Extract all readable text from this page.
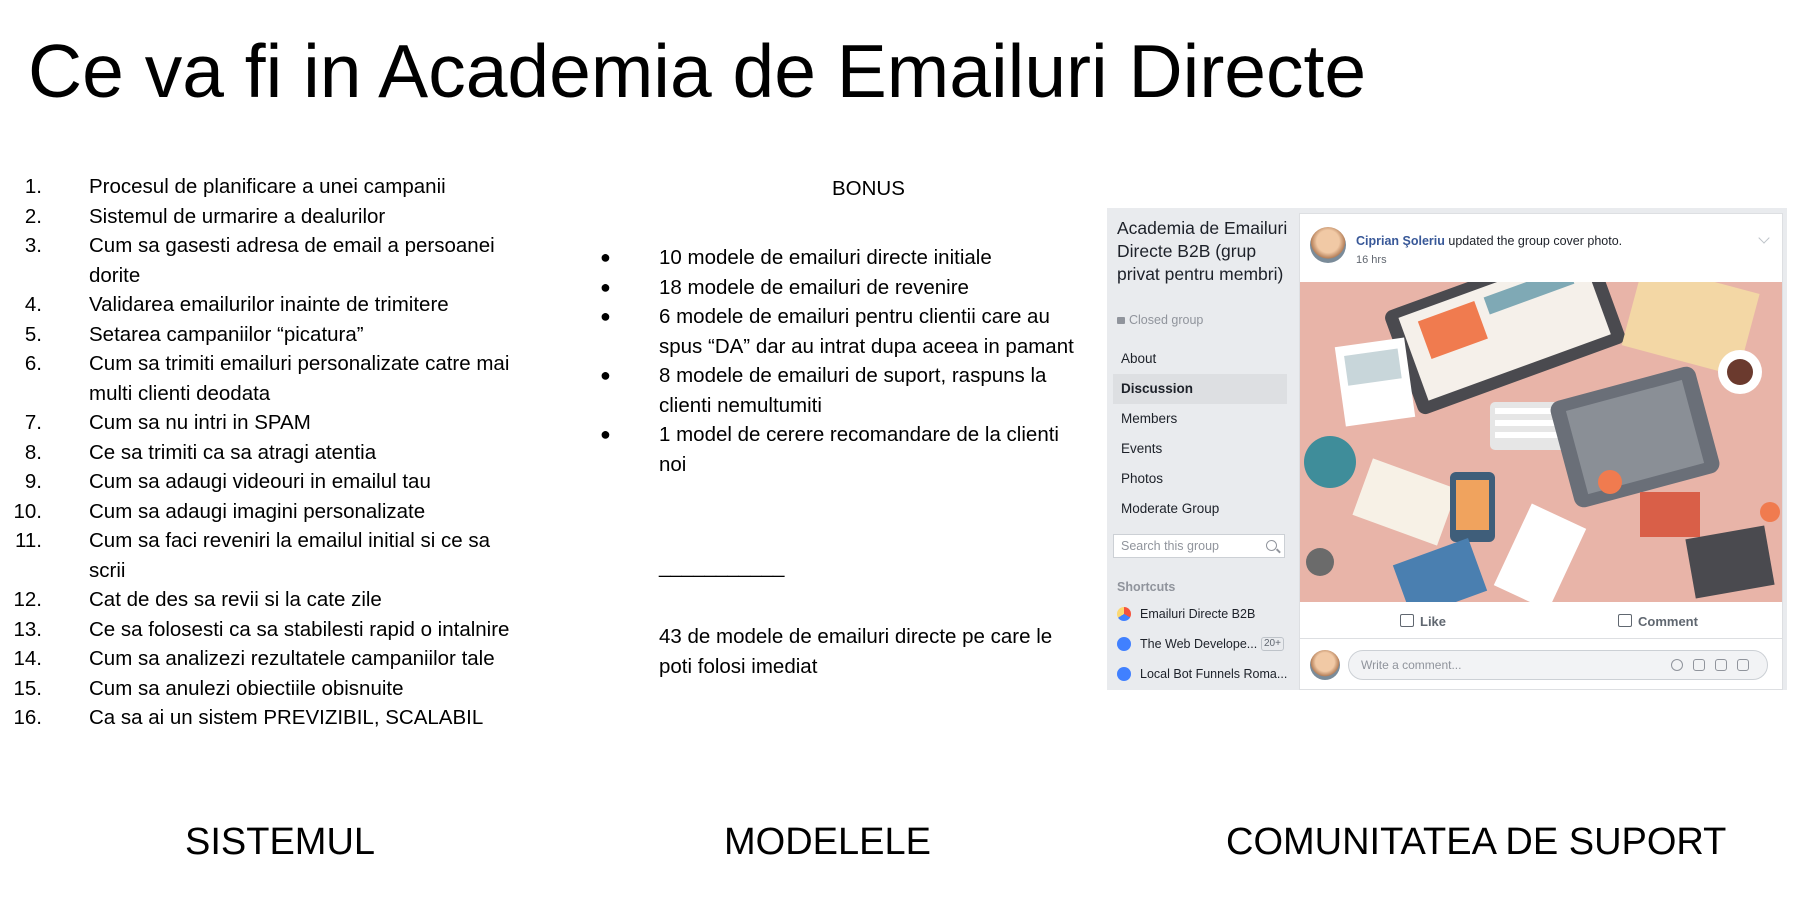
Ce va fi in Academia de Emailuri Directe
1. Procesul de planificare a unei campanii
2. Sistemul de urmarire a dealurilor
3. Cum sa gasesti adresa de email a persoanei dorite
4. Validarea emailurilor inainte de trimitere
5. Setarea campaniilor “picatura”
6. Cum sa trimiti emailuri personalizate catre mai multi clienti deodata
7. Cum sa nu intri in SPAM
8. Ce sa trimiti ca sa atragi atentia
9. Cum sa adaugi videouri in emailul tau
10. Cum sa adaugi imagini personalizate
11. Cum sa faci reveniri la emailul initial si ce sa scrii
12. Cat de des sa revii si la cate zile
13. Ce sa folosesti ca sa stabilesti rapid o intalnire
14. Cum sa analizezi rezultatele campaniilor tale
15. Cum sa anulezi obiectiile obisnuite
16. Ca sa ai un sistem PREVIZIBIL, SCALABIL
BONUS
● 10 modele de emailuri directe initiale
● 18 modele de emailuri de revenire
● 6 modele de emailuri pentru clientii care au spus “DA” dar au intrat dupa aceea in pamant
● 8 modele de emailuri de suport, raspuns la clienti nemultumiti
● 1 model de cerere recomandare de la clienti noi
___________
43 de modele de emailuri directe pe care le poti folosi imediat
Academia de Emailuri Directe B2B (grup privat pentru membri)
Closed group
About
Discussion
Members
Events
Photos
Moderate Group
Search this group
Shortcuts
Emailuri Directe B2B
The Web Develope... 20+
Local Bot Funnels Roma...
Ciprian Şoleriu updated the group cover photo.
16 hrs
Like	Comment
Write a comment...
SISTEMUL	MODELELE	COMUNITATEA DE SUPORT
